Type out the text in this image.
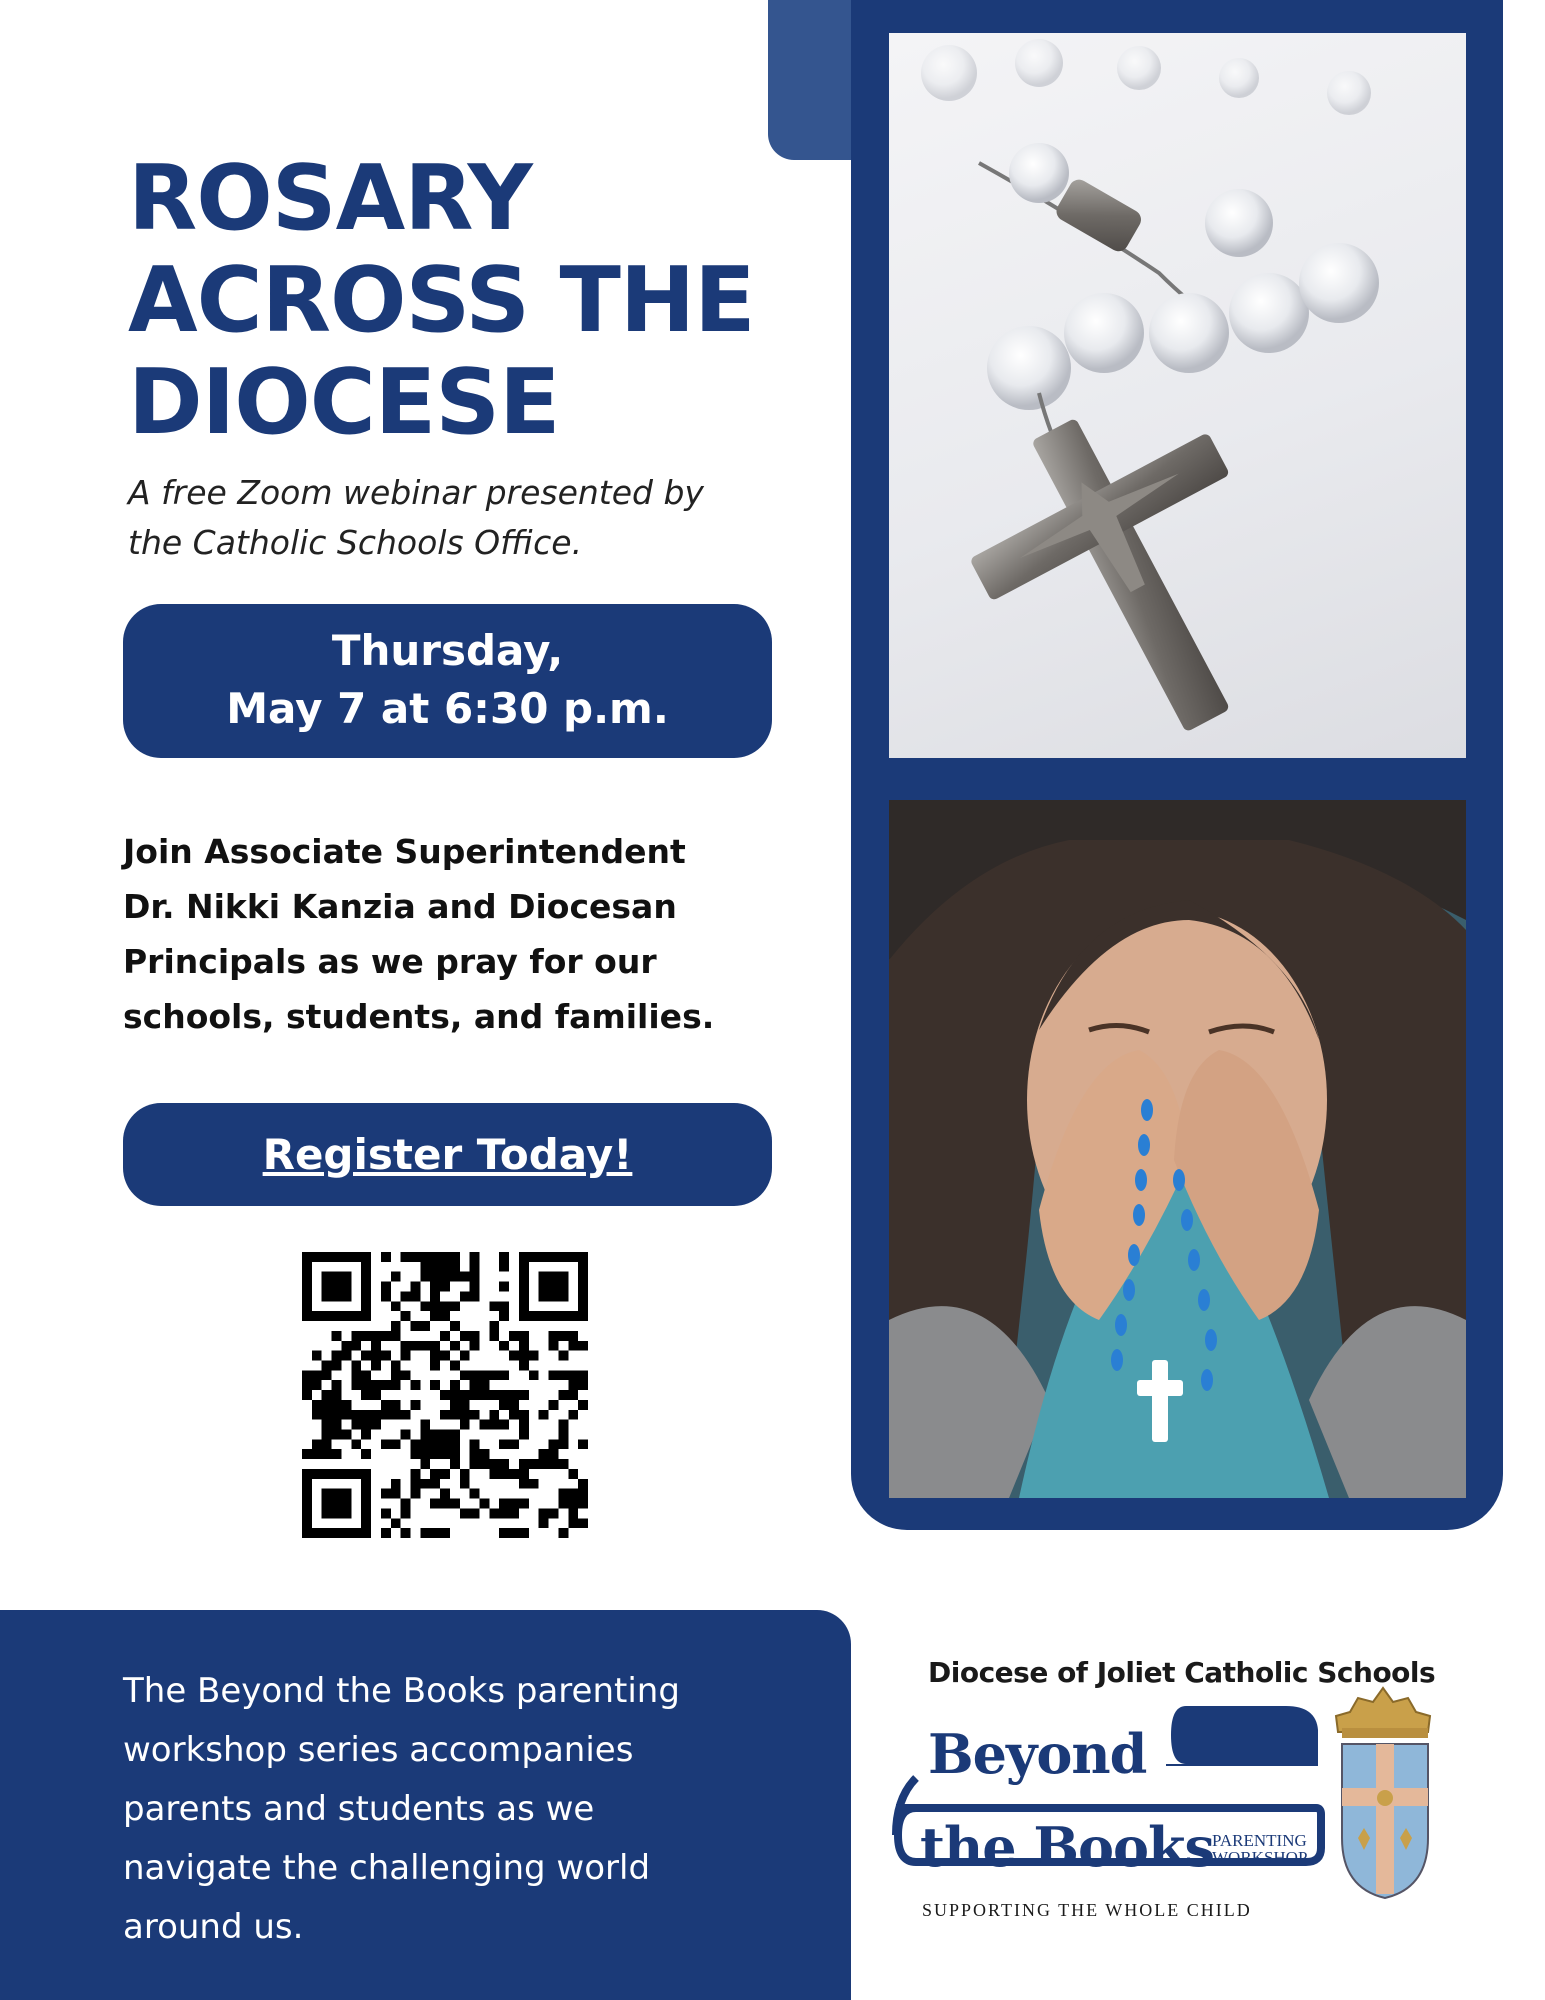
ROSARY
ACROSS THE
DIOCESE
A free Zoom webinar presented by
the Catholic Schools Office.
Thursday,
May 7 at 6:30 p.m.
Join Associate Superintendent
Dr. Nikki Kanzia and Diocesan
Principals as we pray for our
schools, students, and families.
Register Today!
The Beyond the Books parenting
workshop series accompanies
parents and students as we
navigate the challenging world
around us.
Diocese of Joliet Catholic Schools
Beyond
the Books
PARENTING
WORKSHOP
SUPPORTING THE WHOLE CHILD
